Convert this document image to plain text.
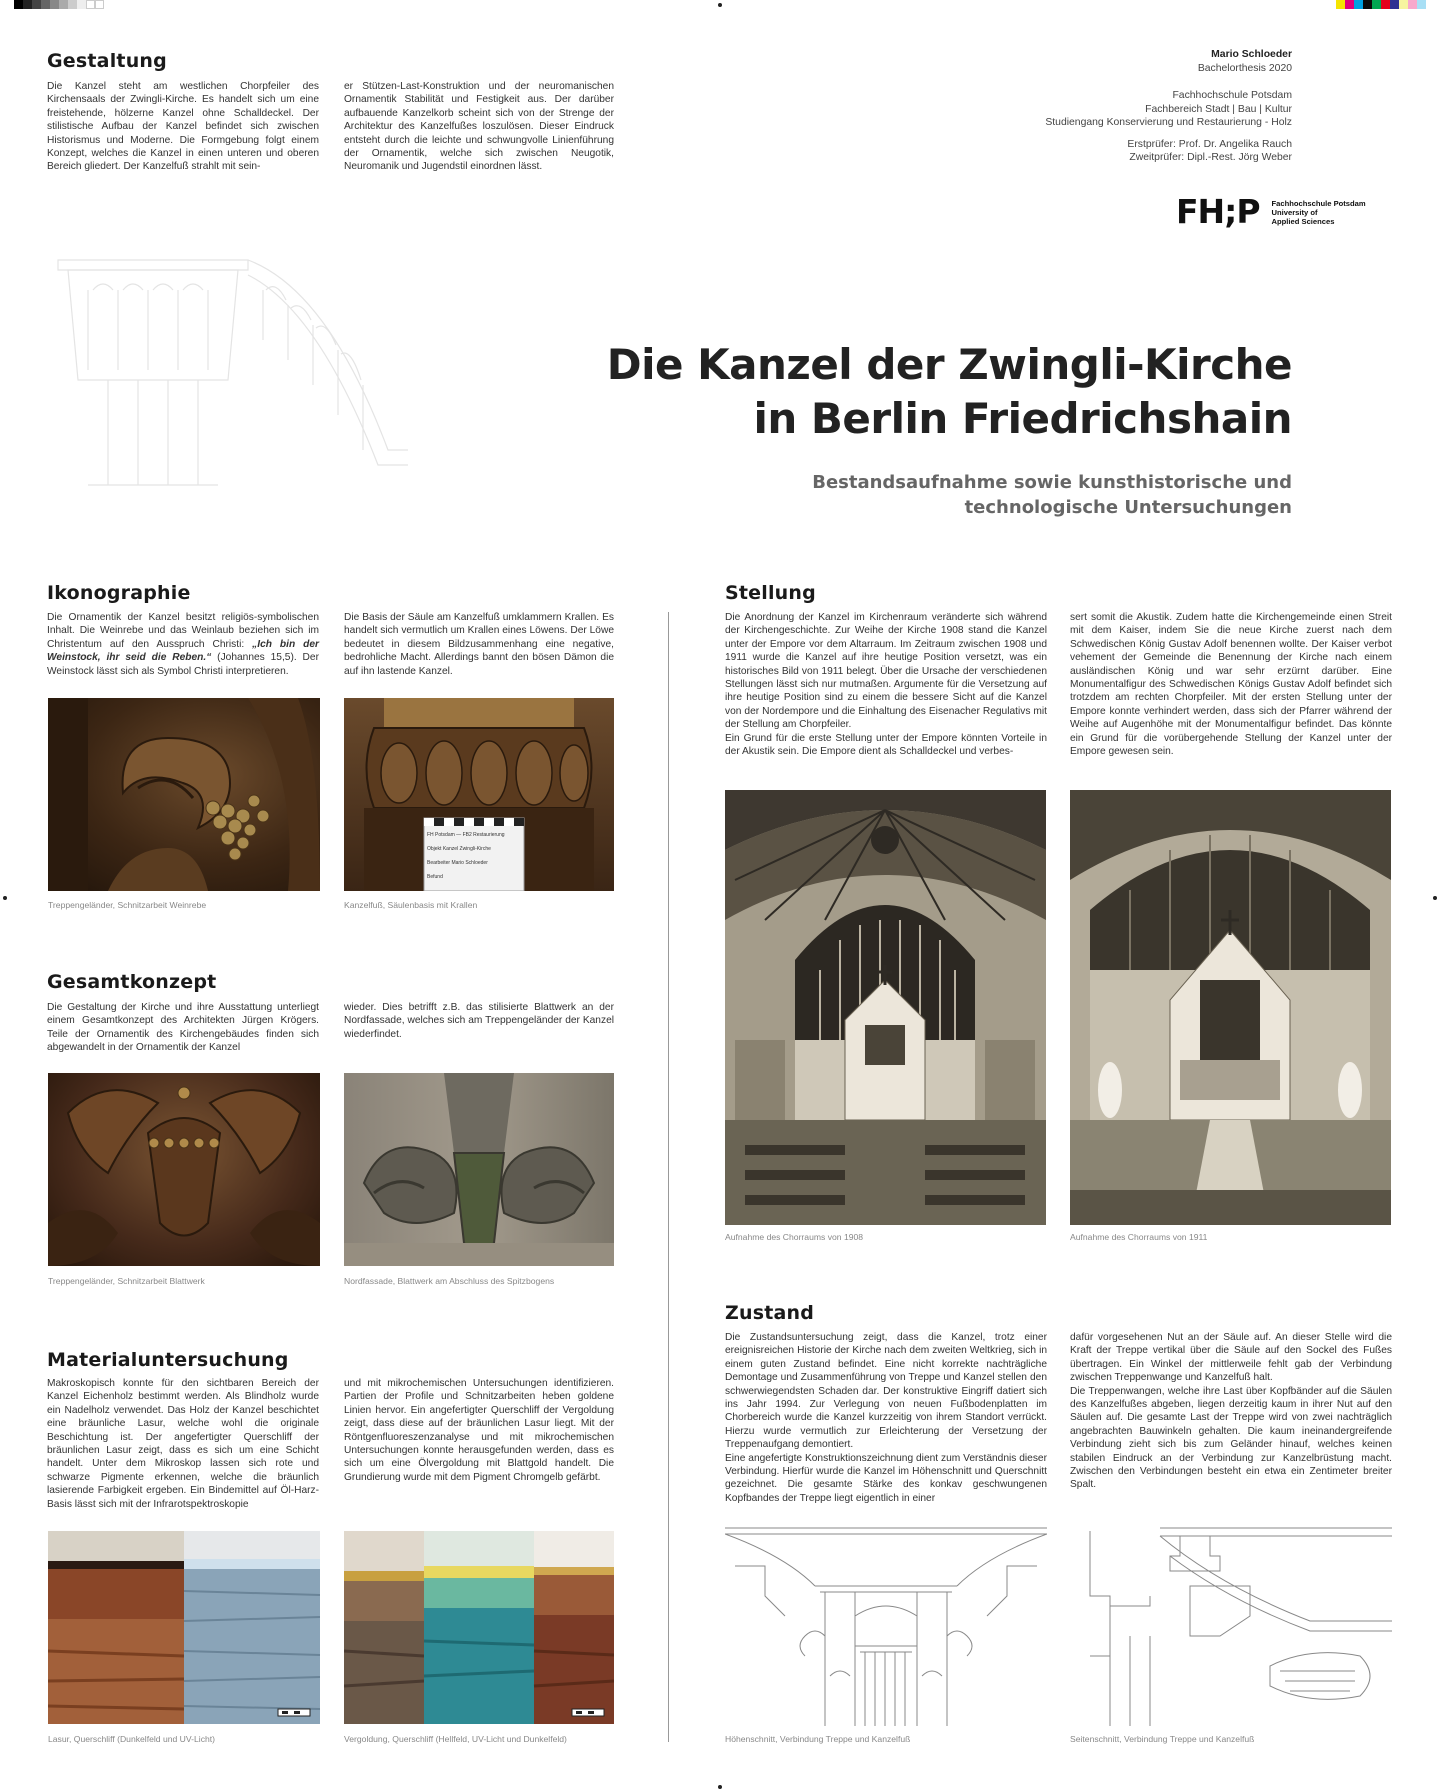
Gestaltung
Die Kanzel steht am westlichen Chorpfeiler des Kirchensaals der Zwingli-Kirche. Es handelt sich um eine freistehende, hölzerne Kanzel ohne Schalldeckel. Der stilistische Aufbau der Kanzel befindet sich zwischen Historismus und Moderne. Die Formgebung folgt einem Konzept, welches die Kanzel in einen unteren und oberen Bereich gliedert. Der Kanzelfuß strahlt mit sein-
er Stützen-Last-Konstruktion und der neuromanischen Ornamentik Stabilität und Festigkeit aus. Der darüber aufbauende Kanzelkorb scheint sich von der Strenge der Architektur des Kanzelfußes loszulösen. Dieser Eindruck entsteht durch die leichte und schwungvolle Linienführung der Ornamentik, welche sich zwischen Neugotik, Neuromanik und Jugendstil einordnen lässt.
Mario Schloeder
Bachelorthesis 2020
Fachhochschule Potsdam
Fachbereich Stadt | Bau | Kultur
Studiengang Konservierung und Restaurierung - Holz
Erstprüfer: Prof. Dr. Angelika Rauch
Zweitprüfer: Dipl.-Rest. Jörg Weber
FH;P Fachhochschule Potsdam
University of
Applied Sciences
Die Kanzel der Zwingli-Kirche
in Berlin Friedrichshain
Bestandsaufnahme sowie kunsthistorische und
technologische Untersuchungen
Ikonographie
Die Ornamentik der Kanzel besitzt religiös-symbolischen Inhalt. Die Weinrebe und das Weinlaub beziehen sich im Christentum auf den Ausspruch Christi: „Ich bin der Weinstock, ihr seid die Reben.“ (Johannes 15,5). Der Weinstock lässt sich als Symbol Christi interpretieren.
Die Basis der Säule am Kanzelfuß umklammern Krallen. Es handelt sich vermutlich um Krallen eines Löwens. Der Löwe bedeutet in diesem Bildzusammenhang eine negative, bedrohliche Macht. Allerdings bannt den bösen Dämon die auf ihn lastende Kanzel.
Treppengeländer, Schnitzarbeit Weinrebe
FH Potsdam — FB2 Restaurierung
Objekt Kanzel Zwingli-Kirche
Bearbeiter Mario Schloeder
Befund
Kanzelfuß, Säulenbasis mit Krallen
Gesamtkonzept
Die Gestaltung der Kirche und ihre Ausstattung unterliegt einem Gesamtkonzept des Architekten Jürgen Krögers. Teile der Ornamentik des Kirchengebäudes finden sich abgewandelt in der Ornamentik der Kanzel
wieder. Dies betrifft z.B. das stilisierte Blattwerk an der Nordfassade, welches sich am Treppengeländer der Kanzel wiederfindet.
Treppengeländer, Schnitzarbeit Blattwerk	Nordfassade, Blattwerk am Abschluss des Spitzbogens
Materialuntersuchung
Makroskopisch konnte für den sichtbaren Bereich der Kanzel Eichenholz bestimmt werden. Als Blindholz wurde ein Nadelholz verwendet. Das Holz der Kanzel beschichtet eine bräunliche Lasur, welche wohl die originale Beschichtung ist. Der angefertigter Querschliff der bräunlichen Lasur zeigt, dass es sich um eine Schicht handelt. Unter dem Mikroskop lassen sich rote und schwarze Pigmente erkennen, welche die bräunlich lasierende Farbigkeit ergeben. Ein Bindemittel auf Öl-Harz-Basis lässt sich mit der Infrarotspektroskopie
und mit mikrochemischen Untersuchungen identifizieren. Partien der Profile und Schnitzarbeiten heben goldene Linien hervor. Ein angefertigter Querschliff der Vergoldung zeigt, dass diese auf der bräunlichen Lasur liegt. Mit der Röntgenfluoreszenzanalyse und mit mikrochemischen Untersuchungen konnte herausgefunden werden, dass es sich um eine Ölvergoldung mit Blattgold handelt. Die Grundierung wurde mit dem Pigment Chromgelb gefärbt.
Lasur, Querschliff (Dunkelfeld und UV-Licht)	Vergoldung, Querschliff (Hellfeld, UV-Licht und Dunkelfeld)
Stellung
Die Anordnung der Kanzel im Kirchenraum veränderte sich während der Kirchengeschichte. Zur Weihe der Kirche 1908 stand die Kanzel unter der Empore vor dem Altarraum. Im Zeitraum zwischen 1908 und 1911 wurde die Kanzel auf ihre heutige Position versetzt, was ein historisches Bild von 1911 belegt. Über die Ursache der verschiedenen Stellungen lässt sich nur mutmaßen. Argumente für die Versetzung auf ihre heutige Position sind zu einem die bessere Sicht auf die Kanzel von der Nordempore und die Einhaltung des Eisenacher Regulativs mit der Stellung am Chorpfeiler.
Ein Grund für die erste Stellung unter der Empore könnten Vorteile in der Akustik sein. Die Empore dient als Schalldeckel und verbes-
sert somit die Akustik. Zudem hatte die Kirchengemeinde einen Streit mit dem Kaiser, indem Sie die neue Kirche zuerst nach dem Schwedischen König Gustav Adolf benennen wollte. Der Kaiser verbot vehement der Gemeinde die Benennung der Kirche nach einem ausländischen König und war sehr erzürnt darüber. Eine Monumentalfigur des Schwedischen Königs Gustav Adolf befindet sich trotzdem am rechten Chorpfeiler. Mit der ersten Stellung unter der Empore konnte verhindert werden, dass sich der Pfarrer während der Weihe auf Augenhöhe mit der Monumentalfigur befindet. Das könnte ein Grund für die vorübergehende Stellung der Kanzel unter der Empore gewesen sein.
Aufnahme des Chorraums von 1908	Aufnahme des Chorraums von 1911
Zustand
Die Zustandsuntersuchung zeigt, dass die Kanzel, trotz einer ereignisreichen Historie der Kirche nach dem zweiten Weltkrieg, sich in einem guten Zustand befindet. Eine nicht korrekte nachträgliche Demontage und Zusammenführung von Treppe und Kanzel stellen den schwerwiegendsten Schaden dar. Der konstruktive Eingriff datiert sich ins Jahr 1994. Zur Verlegung von neuen Fußbodenplatten im Chorbereich wurde die Kanzel kurzzeitig von ihrem Standort verrückt. Hierzu wurde vermutlich zur Erleichterung der Versetzung der Treppenaufgang demontiert.
Eine angefertigte Konstruktionszeichnung dient zum Verständnis dieser Verbindung. Hierfür wurde die Kanzel im Höhenschnitt und Querschnitt gezeichnet. Die gesamte Stärke des konkav geschwungenen Kopfbandes der Treppe liegt eigentlich in einer
dafür vorgesehenen Nut an der Säule auf. An dieser Stelle wird die Kraft der Treppe vertikal über die Säule auf den Sockel des Fußes übertragen. Ein Winkel der mittlerweile fehlt gab der Verbindung zwischen Treppenwange und Kanzelfuß halt.
Die Treppenwangen, welche ihre Last über Kopfbänder auf die Säulen des Kanzelfußes abgeben, liegen derzeitig kaum in ihrer Nut auf den Säulen auf. Die gesamte Last der Treppe wird von zwei nachträglich angebrachten Bauwinkeln gehalten. Die kaum ineinandergreifende Verbindung zieht sich bis zum Geländer hinauf, welches keinen stabilen Eindruck an der Verbindung zur Kanzelbrüstung macht. Zwischen den Verbindungen besteht ein etwa ein Zentimeter breiter Spalt.
Höhenschnitt, Verbindung Treppe und Kanzelfuß	Seitenschnitt, Verbindung Treppe und Kanzelfuß
